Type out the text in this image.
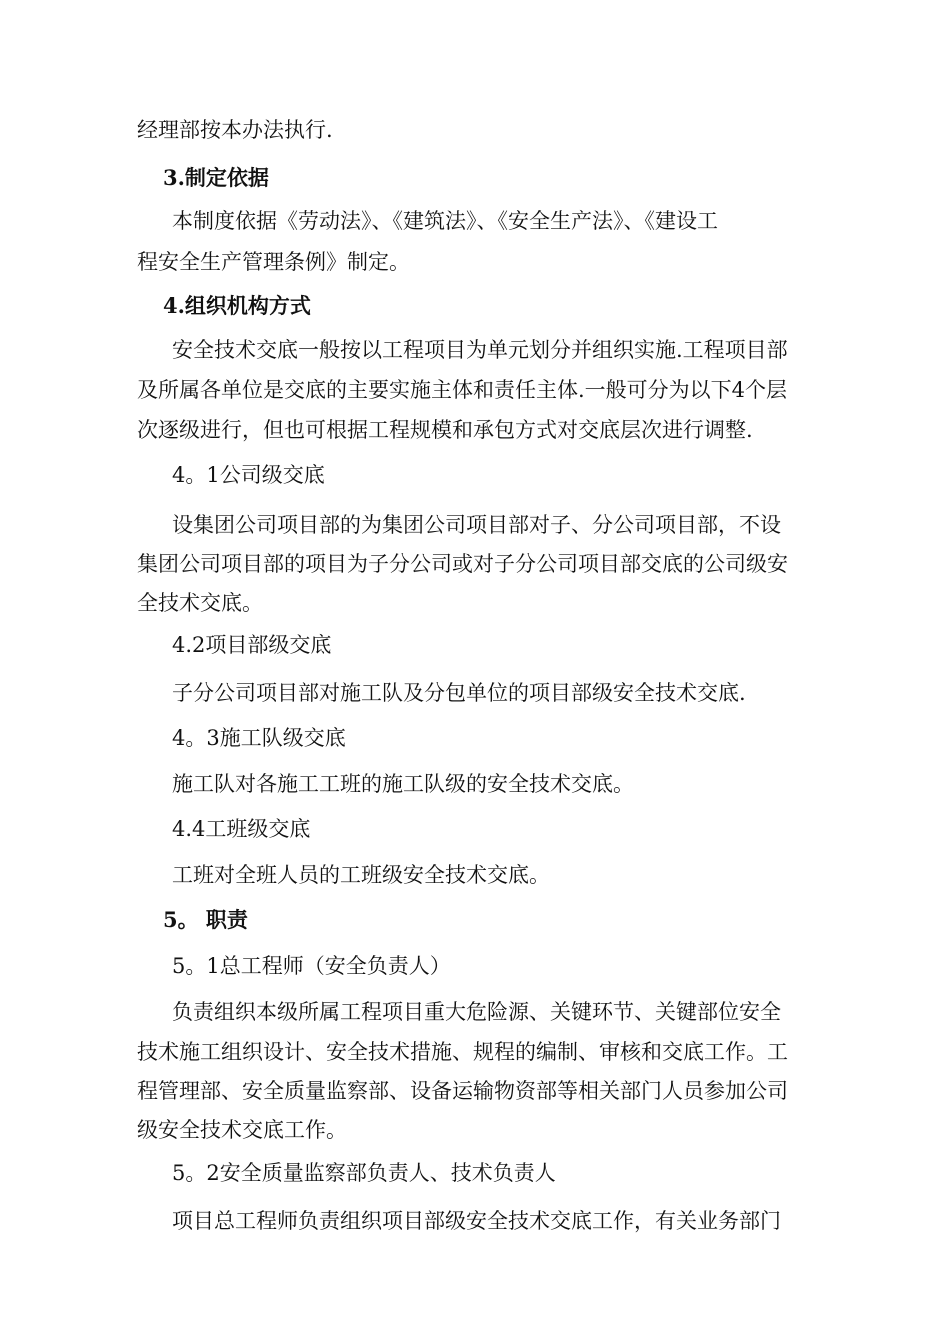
经理部按本办法执行.
3.制定依据
本制度依据《劳动法》、《建筑法》、《安全生产法》、《建设工
程安全生产管理条例》制定。
4.组织机构方式
安全技术交底一般按以工程项目为单元划分并组织实施.工程项目部
及所属各单位是交底的主要实施主体和责任主体.一般可分为以下4个层
次逐级进行，但也可根据工程规模和承包方式对交底层次进行调整.
4。1公司级交底
设集团公司项目部的为集团公司项目部对子、分公司项目部，不设
集团公司项目部的项目为子分公司或对子分公司项目部交底的公司级安
全技术交底。
4.2项目部级交底
子分公司项目部对施工队及分包单位的项目部级安全技术交底.
4。3施工队级交底
施工队对各施工工班的施工队级的安全技术交底。
4.4工班级交底
工班对全班人员的工班级安全技术交底。
5。 职责
5。1总工程师（安全负责人）
负责组织本级所属工程项目重大危险源、关键环节、关键部位安全
技术施工组织设计、安全技术措施、规程的编制、审核和交底工作。工
程管理部、安全质量监察部、设备运输物资部等相关部门人员参加公司
级安全技术交底工作。
5。2安全质量监察部负责人、技术负责人
项目总工程师负责组织项目部级安全技术交底工作，有关业务部门
